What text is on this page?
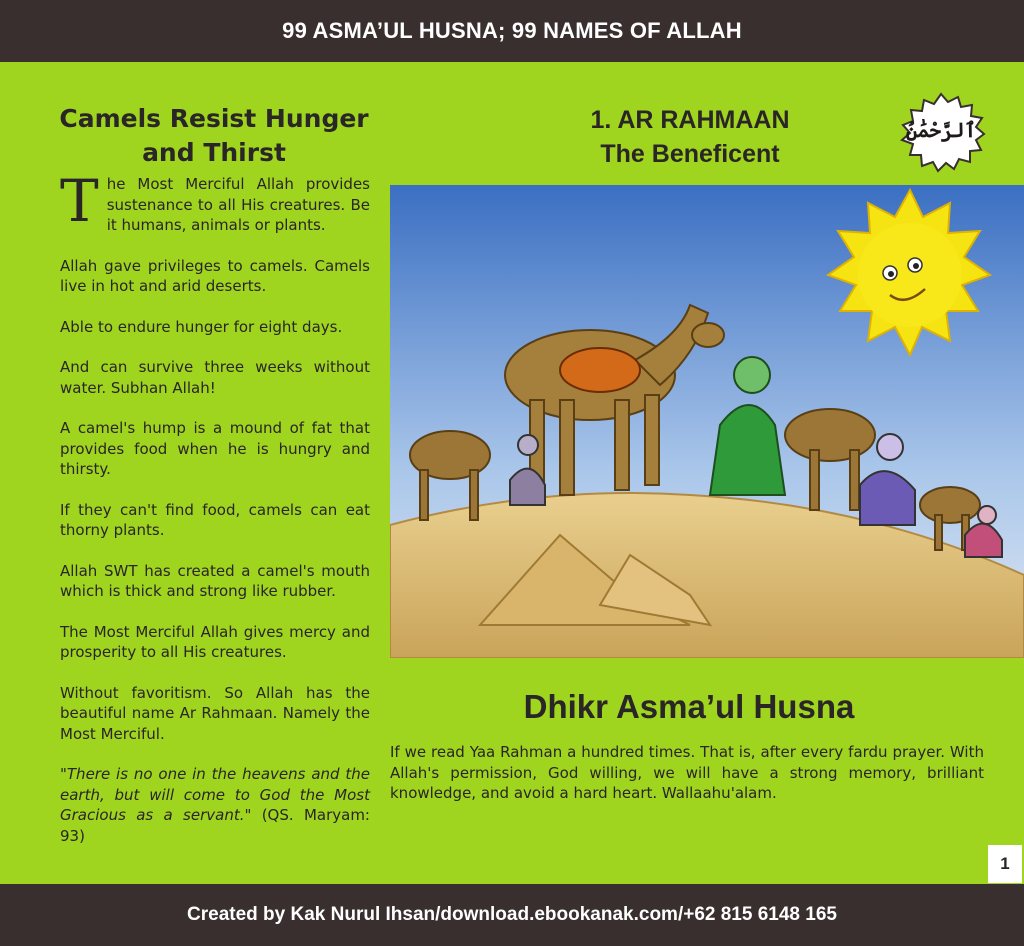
99 ASMA’UL HUSNA; 99 NAMES OF ALLAH
Camels Resist Hunger
and Thirst

The Most Merciful Allah provides sustenance to all His creatures. Be it humans, animals or plants.

Allah gave privileges to camels. Camels live in hot and arid deserts.

Able to endure hunger for eight days.

And can survive three weeks without water. Subhan Allah!

A camel's hump is a mound of fat that provides food when he is hungry and thirsty.

If they can't find food, camels can eat thorny plants.

Allah SWT has created a camel's mouth which is thick and strong like rubber.

The Most Merciful Allah gives mercy and prosperity to all His creatures.

Without favoritism. So Allah has the beautiful name Ar Rahmaan. Namely the Most Merciful.

"There is no one in the heavens and the earth, but will come to God the Most Gracious as a servant." (QS. Maryam: 93)

1. AR RAHMAAN
The Beneficent
ٱلرَّحْمَٰنُ
Dhikr Asma’ul Husna

If we read Yaa Rahman a hundred times. That is, after every fardu prayer. With Allah's permission, God willing, we will have a strong memory, brilliant knowledge, and avoid a hard heart. Wallaahu'alam.

1
Created by Kak Nurul Ihsan/download.ebookanak.com/+62 815 6148 165
